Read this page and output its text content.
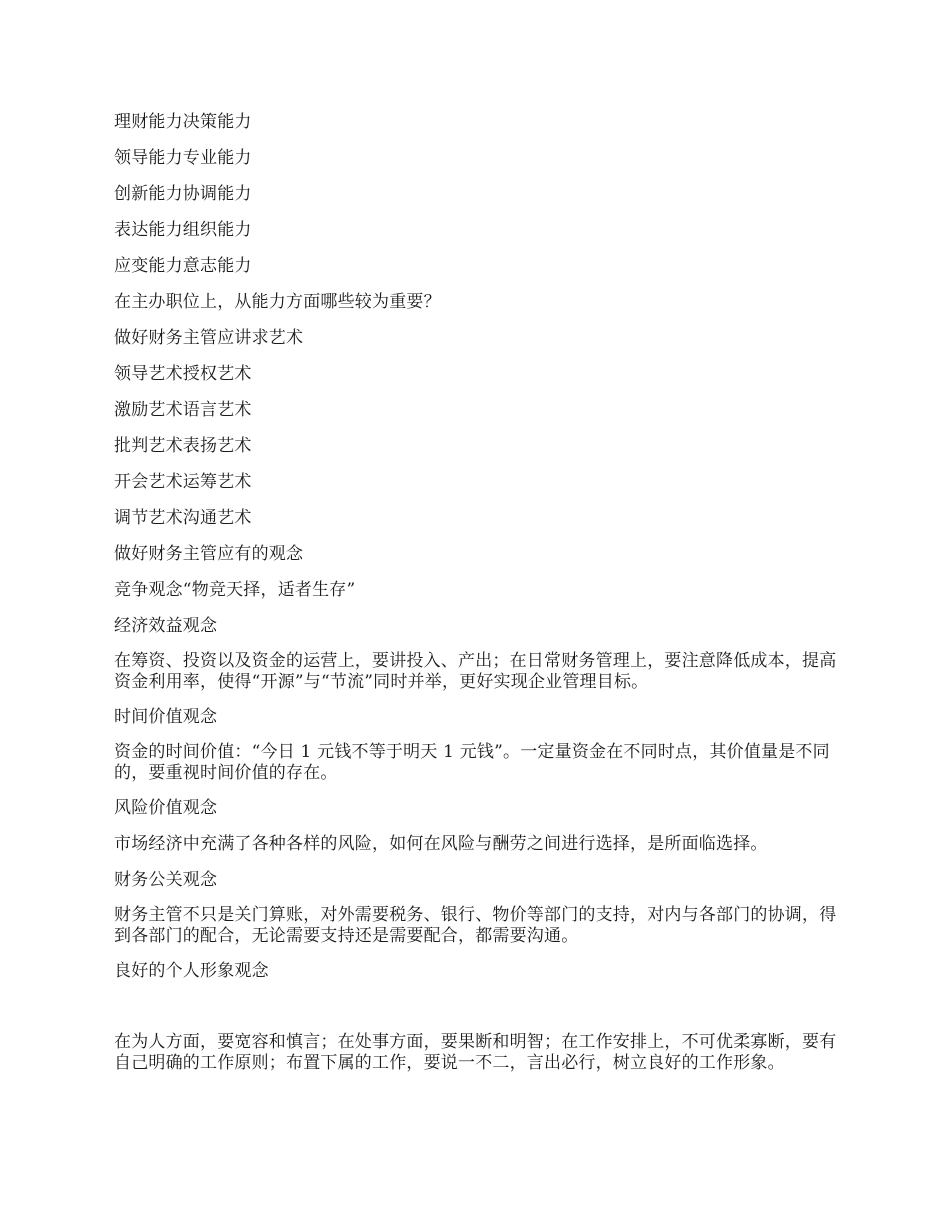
理财能力决策能力

领导能力专业能力

创新能力协调能力

表达能力组织能力

应变能力意志能力

在主办职位上，从能力方面哪些较为重要？

做好财务主管应讲求艺术

领导艺术授权艺术

激励艺术语言艺术

批判艺术表扬艺术

开会艺术运筹艺术

调节艺术沟通艺术

做好财务主管应有的观念

竞争观念“物竞天择，适者生存”

经济效益观念

在筹资、投资以及资金的运营上，要讲投入、产出；在日常财务管理上，要注意降低成本，提高资金利用率，使得“开源”与“节流”同时并举，更好实现企业管理目标。

时间价值观念

资金的时间价值：“今日 1 元钱不等于明天 1 元钱”。一定量资金在不同时点，其价值量是不同的，要重视时间价值的存在。

风险价值观念

市场经济中充满了各种各样的风险，如何在风险与酬劳之间进行选择，是所面临选择。

财务公关观念

财务主管不只是关门算账，对外需要税务、银行、物价等部门的支持，对内与各部门的协调，得到各部门的配合，无论需要支持还是需要配合，都需要沟通。

良好的个人形象观念

在为人方面，要宽容和慎言；在处事方面，要果断和明智；在工作安排上，不可优柔寡断，要有自己明确的工作原则；布置下属的工作，要说一不二，言出必行，树立良好的工作形象。
